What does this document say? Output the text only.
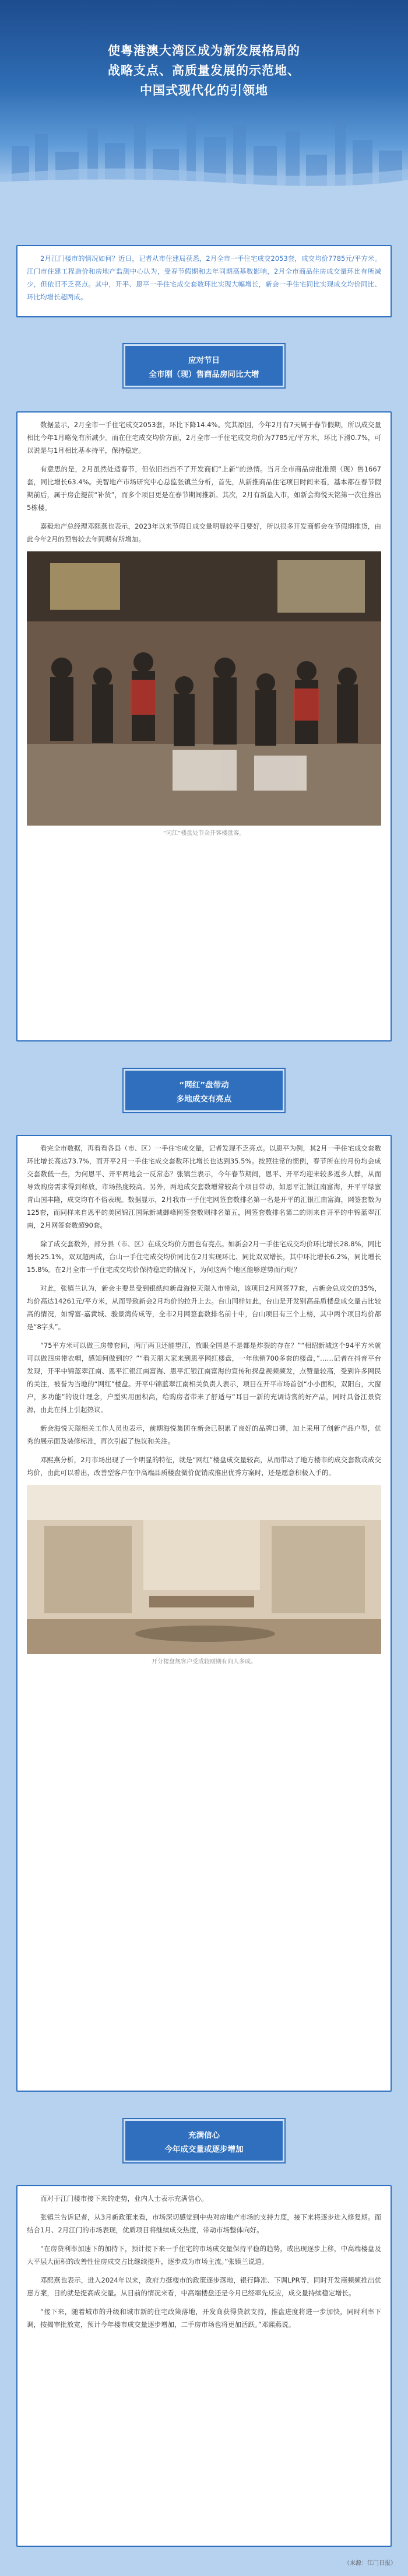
使粤港澳大湾区成为新发展格局的
战略支点、高质量发展的示范地、
中国式现代化的引领地

2月江门楼市的情况如何？近日，记者从市住建局获悉，2月全市一手住宅成交2053套，成交均价7785元/平方米。江门市住建工程造价和房地产监测中心认为，受春节假期和去年同期高基数影响，2月全市商品住房成交量环比有所减少，但依旧不乏亮点。其中，开平、恩平一手住宅成交套数环比实现大幅增长，新会一手住宅同比实现成交均价同比、环比均增长超两成。

应对节日
全市刚（现）售商品房同比大增

数据显示，2月全市一手住宅成交2053套，环比下降14.4%。究其原因，今年2月有7天属于春节假期，所以成交量相比今年1月略免有所减少。而在住宅成交均价方面，2月全市一手住宅成交均价为7785元/平方米，环比下滑0.7%，可以说是与1月相比基本持平，保持稳定。

有意思的是，2月虽然处适春节，但依旧挡挡不了开发商们“上新”的热情。当月全市商品房批准预（现）售1667套，同比增长63.4%。美智地产市场研究中心总监张镇兰分析，首先，从新推商品住宅项目时间来看，基本都在春节假期前后，属于房企提前“补货”，而多个项目更是在春节期间推新。其次，2月有新盘入市，如新会海悦天铭第一次住推出5栋楼。

嘉毅地产总经理邓熙燕也表示，2023年以来节假日成交量明显较平日要好，所以很多开发商都会在节假期推货，由此今年2月的预售较去年同期有所增加。

“同江”楼盘处节众开客楼盘客。

“网红”盘带动
多地成交有亮点

看完全市数据，再看看各县（市、区）一手住宅成交量，记者发现不乏亮点。以恩平为例，其2月一手住宅成交套数环比增长高达73.7%，而开平2月一手住宅成交套数环比增长也达到35.5%。按照往常的惯例，春节所在的月份均会成交套数低一些，为何恩平、开平两地会一反常态？张镇兰表示，今年春节期间，恩平、开平均迎来较多返乡人群，从而导致购房需求得到释放，市场热度较高。另外，两地成交套数增常较高个项目带动，如恩平汇银江南富海，开平平绿蜜青山国丰隆，成交均有不俗表现。数据显示，2月我市一手住宅网签套数排名第一名是开平的汇银江南富海，网签套数为125套，而同样来自恩平的美园锦江国际新城御峰网签套数则排名第五，网签套数排名第二的则来自开平的中锦蓝翠江南，2月网签套数超90套。

除了成交套数外，部分县（市、区）在成交均价方面也有亮点。如新会2月一手住宅成交均价环比增长28.8%，同比增长25.1%，双双超两成，台山一手住宅成交均价同比在2月实现环比、同比双双增长，其中环比增长6.2%，同比增长15.8%。在2月全市一手住宅成交均价保持稳定的情况下，为何这两个地区能够逆势而行呢？

对此，张镇兰认为，新会主要是受到银纸纯新盘海悦天璟入市带动，该项目2月网签77套，占新会总成交的35%，均价高达14261元/平方米，从而导致新会2月均价的拉升上去。台山同样如此，台山是开发别高品质楼盘成交量占比较高的情况，如博富-嘉黄城、骏景湾传成等，全市2月网签套数排名前十中，台山项目有三个上榜，其中两个项目均价都是“8字头”。

“75平方米可以做三房带套间，两厅两卫还能望江，放眼全国是不是都是炸裂的存在？”“相绍新城这个94平方米就可以做四房带衣帽，感知何做到的？”“看天朋大家来到恩平网红楼盘，一年他销700多套的楼盘，”……记者在抖音平台发现，开平中锦蓝翠江南、恩平汇银江南富海、恩平汇银江南富海的宣传和探盘视频频发，点赞量较高，受到许多网民的关注，被誉为当地的“网红”楼盘。开平中锦蓝翠江南相关负责人表示，项目在开平市场首创“小小面积，双阳台，大窗户，多功能”的设计理念，户型实用面积高，给购房者带来了舒适与“耳目一新的充调诗赏的好产品，同时具备江景资源，由此在抖上引起热议。

新会海悦天璟相关工作人员也表示，前期海悦集团在新会已积累了良好的品牌口碑，加上采用了创新产品户型，优秀的展示面及装修标准，再次引起了热议和关注。

邓熙燕分析，2月市场出现了一个明显的特征，就是“网红”楼盘成交量较高，从而带动了地方楼市的成交套数或成交均价，由此可以看出，改善型客户在中高端品质楼盘微价促销成推出优秀方案时，还是愿意积极入手的。

开分楼盘规客户受成较刚期有向人多成。

充满信心
今年成交量或逐步增加

而对于江门楼市接下来的走势，业内人士表示充满信心。

张镇兰告诉记者，从3月新政策来看，市场深切感觉到中央对房地产市场的支持力度，接下来将逐步进入修复期。而结合1月、2月江门的市场表现，优质项目将继续成交热度，带动市场整体向好。

“在房贷利率加速下的加持下，预计接下来一手住宅的市场成交量保持平稳的趋势，或出现逐步上移，中高端楼盘及大平层大面积的改善性住房成交占比继续提升，逐步成为市场主流。”张镇兰说道。

邓熙燕也表示，进入2024年以来，政府力挺楼市的政策逐步落地，银行降准、下调LPR等，同时开发商频频推出优惠方案，目的就是提高成交量。从目前的情况来看，中高端楼盘还是今月已经率先反应，成交量持续稳定增长。

“接下来，随着城市的升级和城市新的住宅政策落地，开发商获得贷款支持，推盘进度将进一步加快，同时利率下调，按揭审批放宽，预计今年楼市成交量逐步增加，二手房市场也将更加活跃。”邓熙燕说。

（来源：江门日报）
